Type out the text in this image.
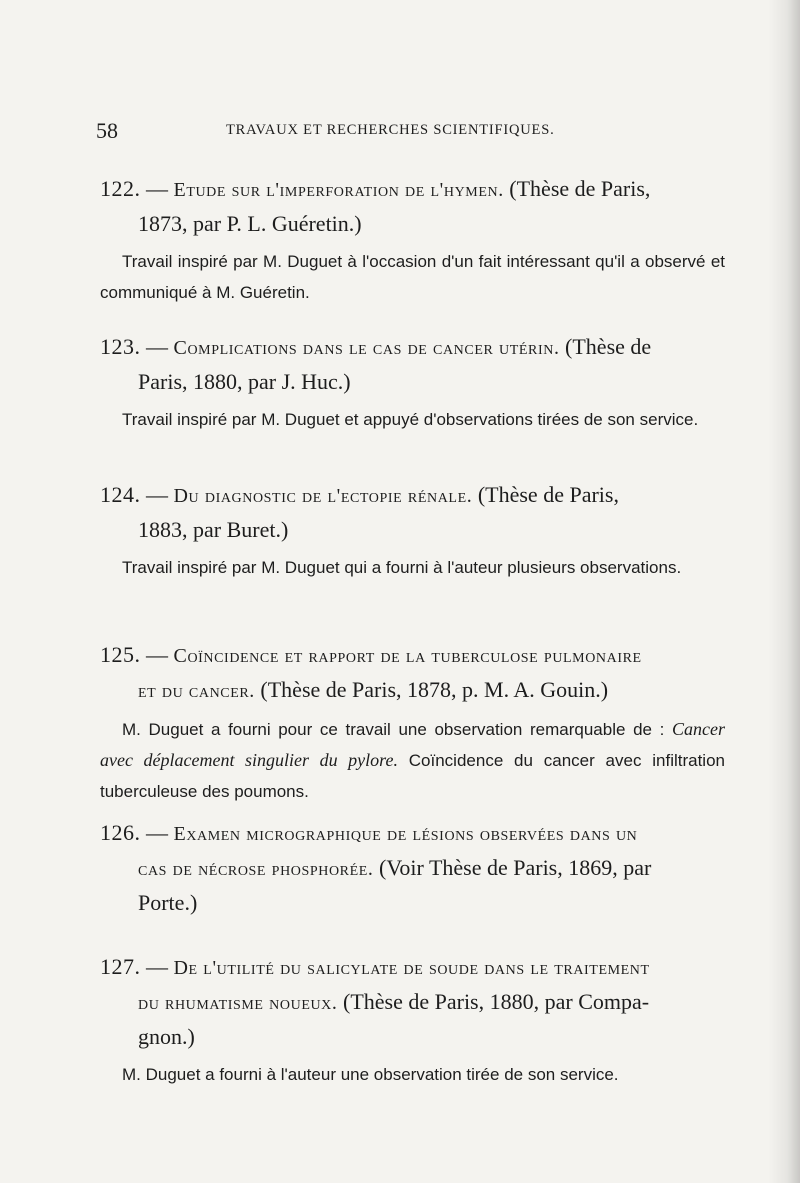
58	TRAVAUX ET RECHERCHES SCIENTIFIQUES.

122. — Etude sur l'imperforation de l'hymen. (Thèse de Paris,

1873, par P. L. Guéretin.)

Travail inspiré par M. Duguet à l'occasion d'un fait intéressant qu'il a observé et communiqué à M. Guéretin.

123. — Complications dans le cas de cancer utérin. (Thèse de

Paris, 1880, par J. Huc.)

Travail inspiré par M. Duguet et appuyé d'observations tirées de son service.

124. — Du diagnostic de l'ectopie rénale. (Thèse de Paris,

1883, par Buret.)

Travail inspiré par M. Duguet qui a fourni à l'auteur plusieurs observations.

125. — Coïncidence et rapport de la tuberculose pulmonaire

et du cancer. (Thèse de Paris, 1878, p. M. A. Gouin.)

M. Duguet a fourni pour ce travail une observation remarquable de : Cancer avec déplacement singulier du pylore. Coïncidence du cancer avec infiltration tuberculeuse des poumons.

126. — Examen micrographique de lésions observées dans un

cas de nécrose phosphorée. (Voir Thèse de Paris, 1869, par

Porte.)

127. — De l'utilité du salicylate de soude dans le traitement

du rhumatisme noueux. (Thèse de Paris, 1880, par Compa-

gnon.)

M. Duguet a fourni à l'auteur une observation tirée de son service.
